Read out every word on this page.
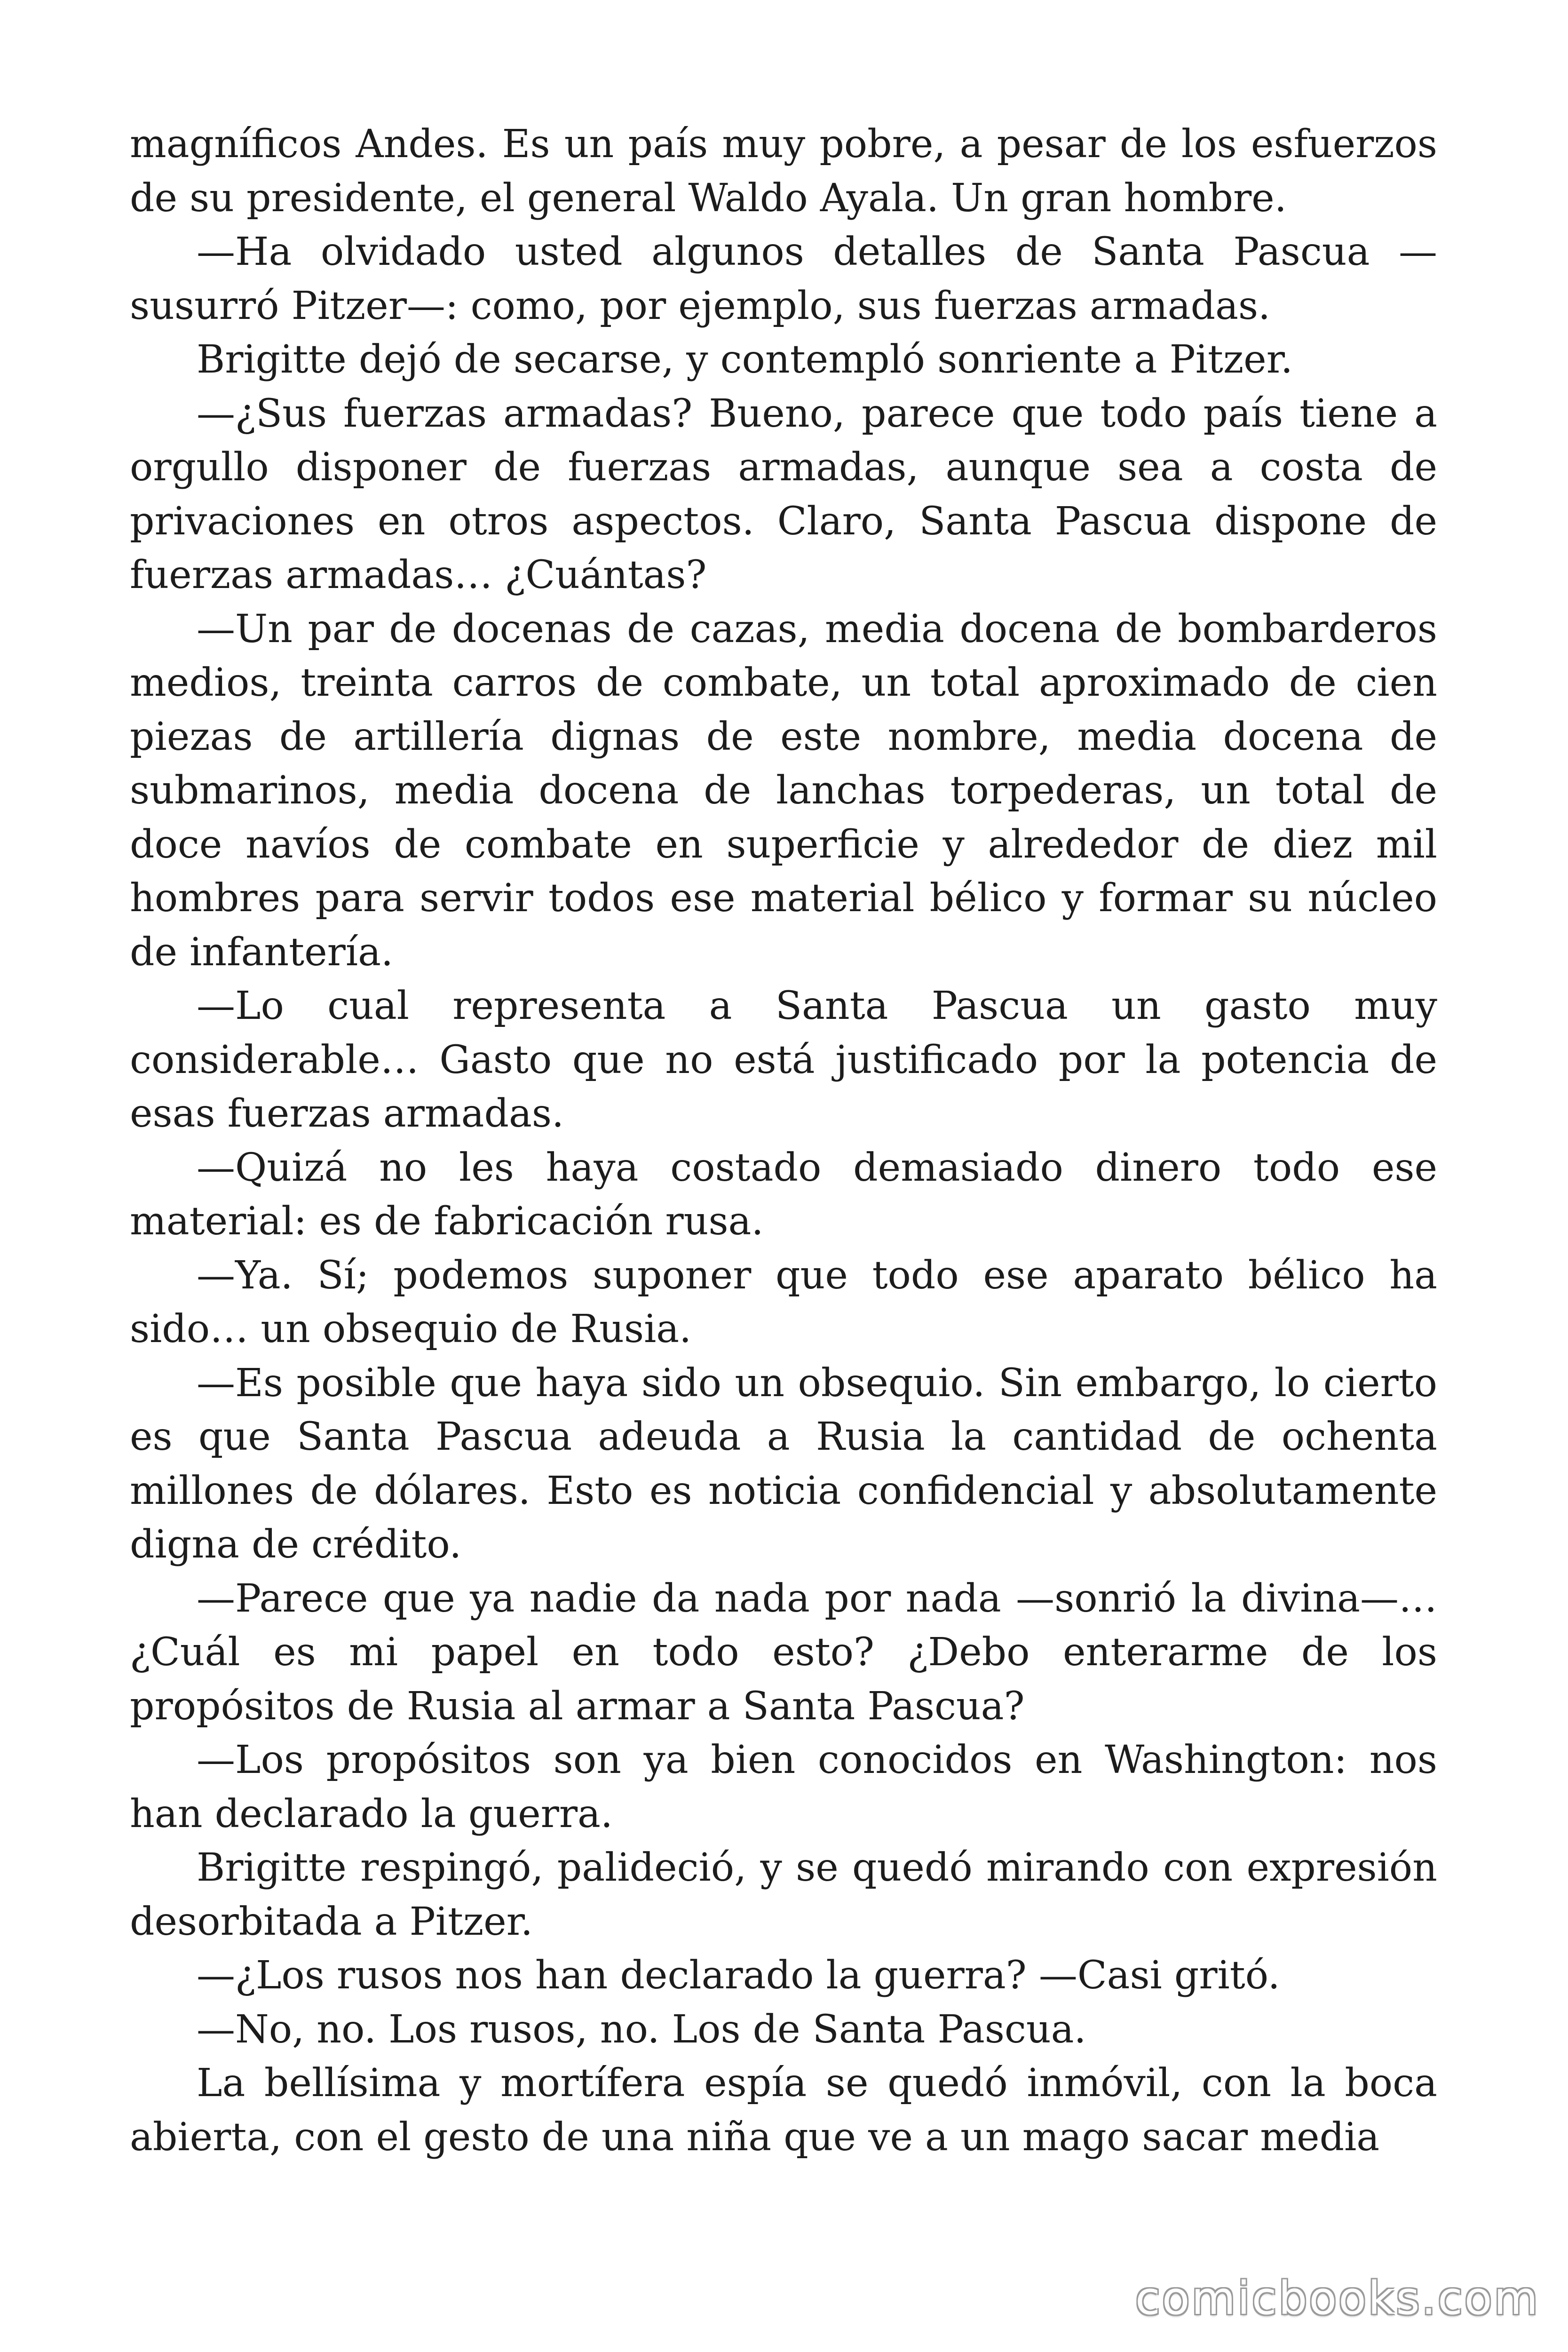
magníficos Andes. Es un país muy pobre, a pesar de los esfuerzos de su presidente, el general Waldo Ayala. Un gran hombre.

—Ha olvidado usted algunos detalles de Santa Pascua —susurró Pitzer—: como, por ejemplo, sus fuerzas armadas.

Brigitte dejó de secarse, y contempló sonriente a Pitzer.

—¿Sus fuerzas armadas? Bueno, parece que todo país tiene a orgullo disponer de fuerzas armadas, aunque sea a costa de privaciones en otros aspectos. Claro, Santa Pascua dispone de fuerzas armadas… ¿Cuántas?

—Un par de docenas de cazas, media docena de bombarderos medios, treinta carros de combate, un total aproximado de cien piezas de artillería dignas de este nombre, media docena de submarinos, media docena de lanchas torpederas, un total de doce navíos de combate en superficie y alrededor de diez mil hombres para servir todos ese material bélico y formar su núcleo de infantería.

—Lo cual representa a Santa Pascua un gasto muy considerable… Gasto que no está justificado por la potencia de esas fuerzas armadas.

—Quizá no les haya costado demasiado dinero todo ese material: es de fabricación rusa.

—Ya. Sí; podemos suponer que todo ese aparato bélico ha sido… un obsequio de Rusia.

—Es posible que haya sido un obsequio. Sin embargo, lo cierto es que Santa Pascua adeuda a Rusia la cantidad de ochenta millones de dólares. Esto es noticia confidencial y absolutamente digna de crédito.

—Parece que ya nadie da nada por nada —sonrió la divina—… ¿Cuál es mi papel en todo esto? ¿Debo enterarme de los propósitos de Rusia al armar a Santa Pascua?

—Los propósitos son ya bien conocidos en Washington: nos han declarado la guerra.

Brigitte respingó, palideció, y se quedó mirando con expresión desorbitada a Pitzer.

—¿Los rusos nos han declarado la guerra? —Casi gritó.

—No, no. Los rusos, no. Los de Santa Pascua.

La bellísima y mortífera espía se quedó inmóvil, con la boca abierta, con el gesto de una niña que ve a un mago sacar media

comicbooks.com
